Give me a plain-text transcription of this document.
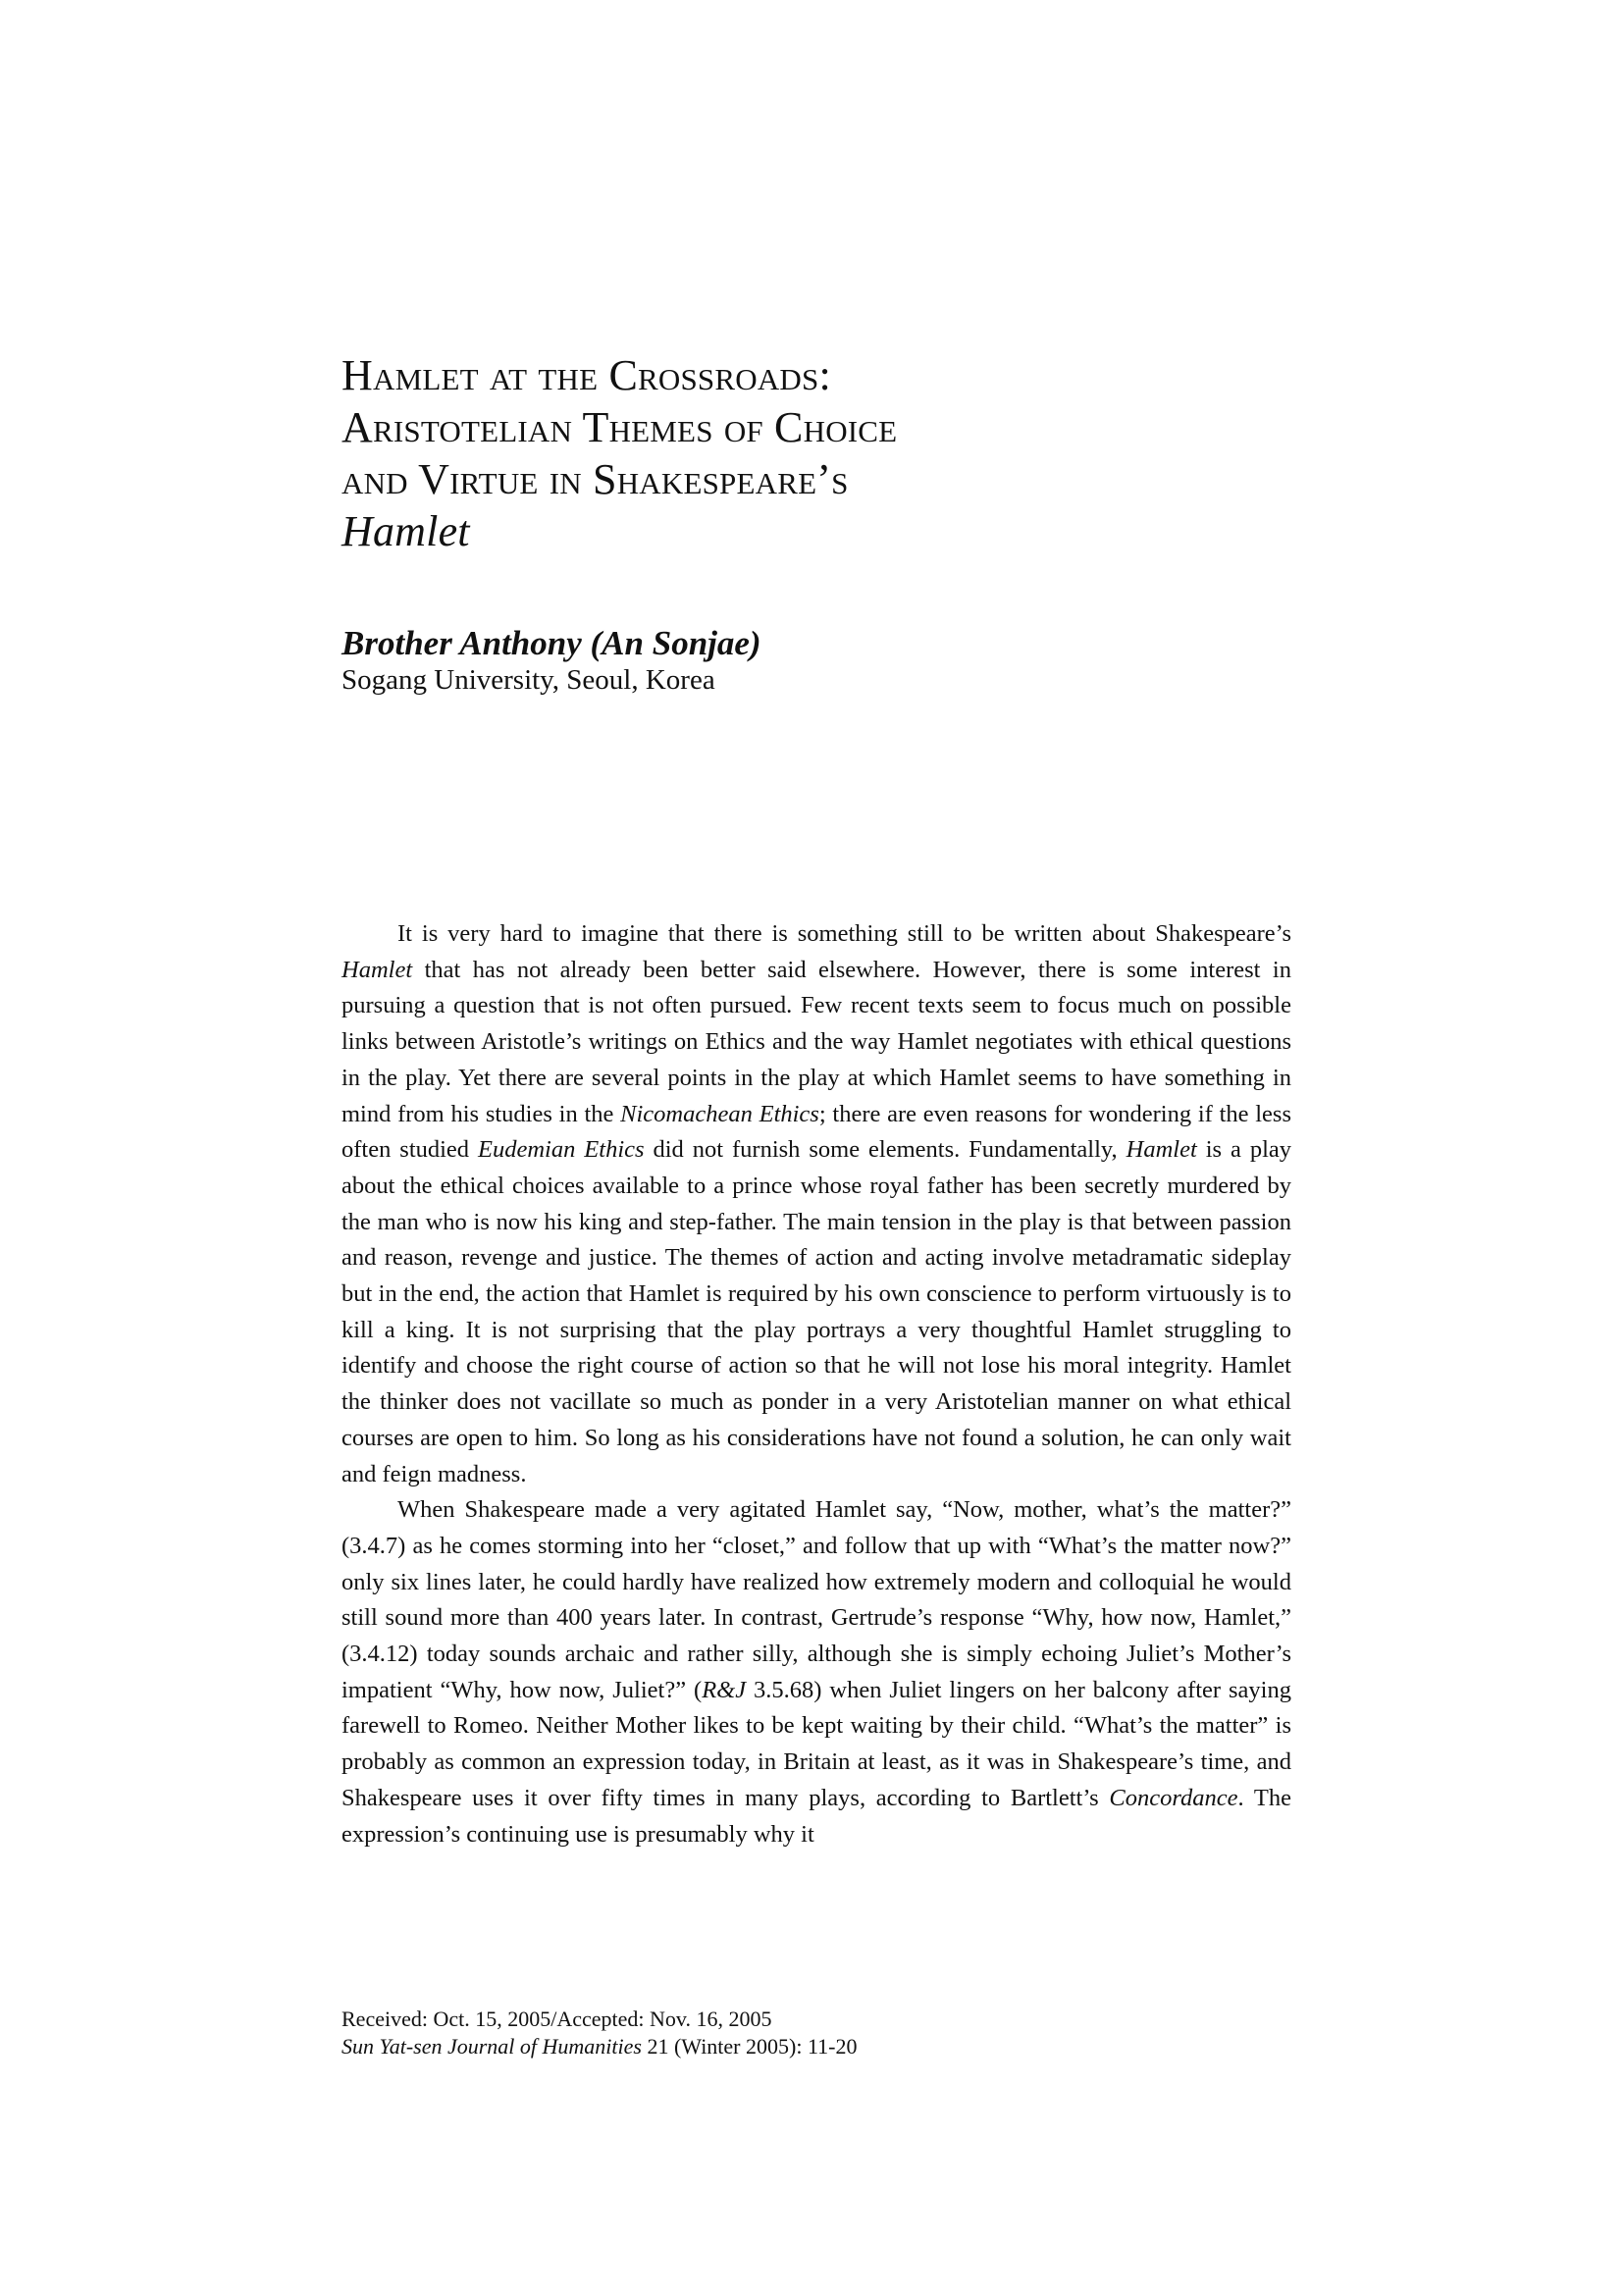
Hamlet at the Crossroads:
Aristotelian Themes of Choice
and Virtue in Shakespeare’s
Hamlet
Brother Anthony (An Sonjae)
Sogang University, Seoul, Korea

It is very hard to imagine that there is something still to be written about Shakespeare’s Hamlet that has not already been better said elsewhere. However, there is some interest in pursuing a question that is not often pursued. Few recent texts seem to focus much on possible links between Aristotle’s writings on Ethics and the way Hamlet negotiates with ethical questions in the play. Yet there are several points in the play at which Hamlet seems to have something in mind from his studies in the Nicomachean Ethics; there are even reasons for wondering if the less often studied Eudemian Ethics did not furnish some elements. Fundamentally, Hamlet is a play about the ethical choices available to a prince whose royal father has been secretly murdered by the man who is now his king and step-father. The main tension in the play is that between passion and reason, revenge and justice. The themes of action and acting involve metadramatic sideplay but in the end, the action that Hamlet is required by his own conscience to perform virtuously is to kill a king. It is not surprising that the play portrays a very thoughtful Hamlet struggling to identify and choose the right course of action so that he will not lose his moral integrity. Hamlet the thinker does not vacillate so much as ponder in a very Aristotelian manner on what ethical courses are open to him. So long as his considerations have not found a solution, he can only wait and feign madness.

When Shakespeare made a very agitated Hamlet say, “Now, mother, what’s the matter?” (3.4.7) as he comes storming into her “closet,” and follow that up with “What’s the matter now?” only six lines later, he could hardly have realized how extremely modern and colloquial he would still sound more than 400 years later. In contrast, Gertrude’s response “Why, how now, Hamlet,” (3.4.12) today sounds archaic and rather silly, although she is simply echoing Juliet’s Mother’s impatient “Why, how now, Juliet?” (R&J 3.5.68) when Juliet lingers on her balcony after saying farewell to Romeo. Neither Mother likes to be kept waiting by their child. “What’s the matter” is probably as common an expression today, in Britain at least, as it was in Shakespeare’s time, and Shakespeare uses it over fifty times in many plays, according to Bartlett’s Concordance. The expression’s continuing use is presumably why it

Received: Oct. 15, 2005/Accepted: Nov. 16, 2005
Sun Yat-sen Journal of Humanities 21 (Winter 2005): 11-20
